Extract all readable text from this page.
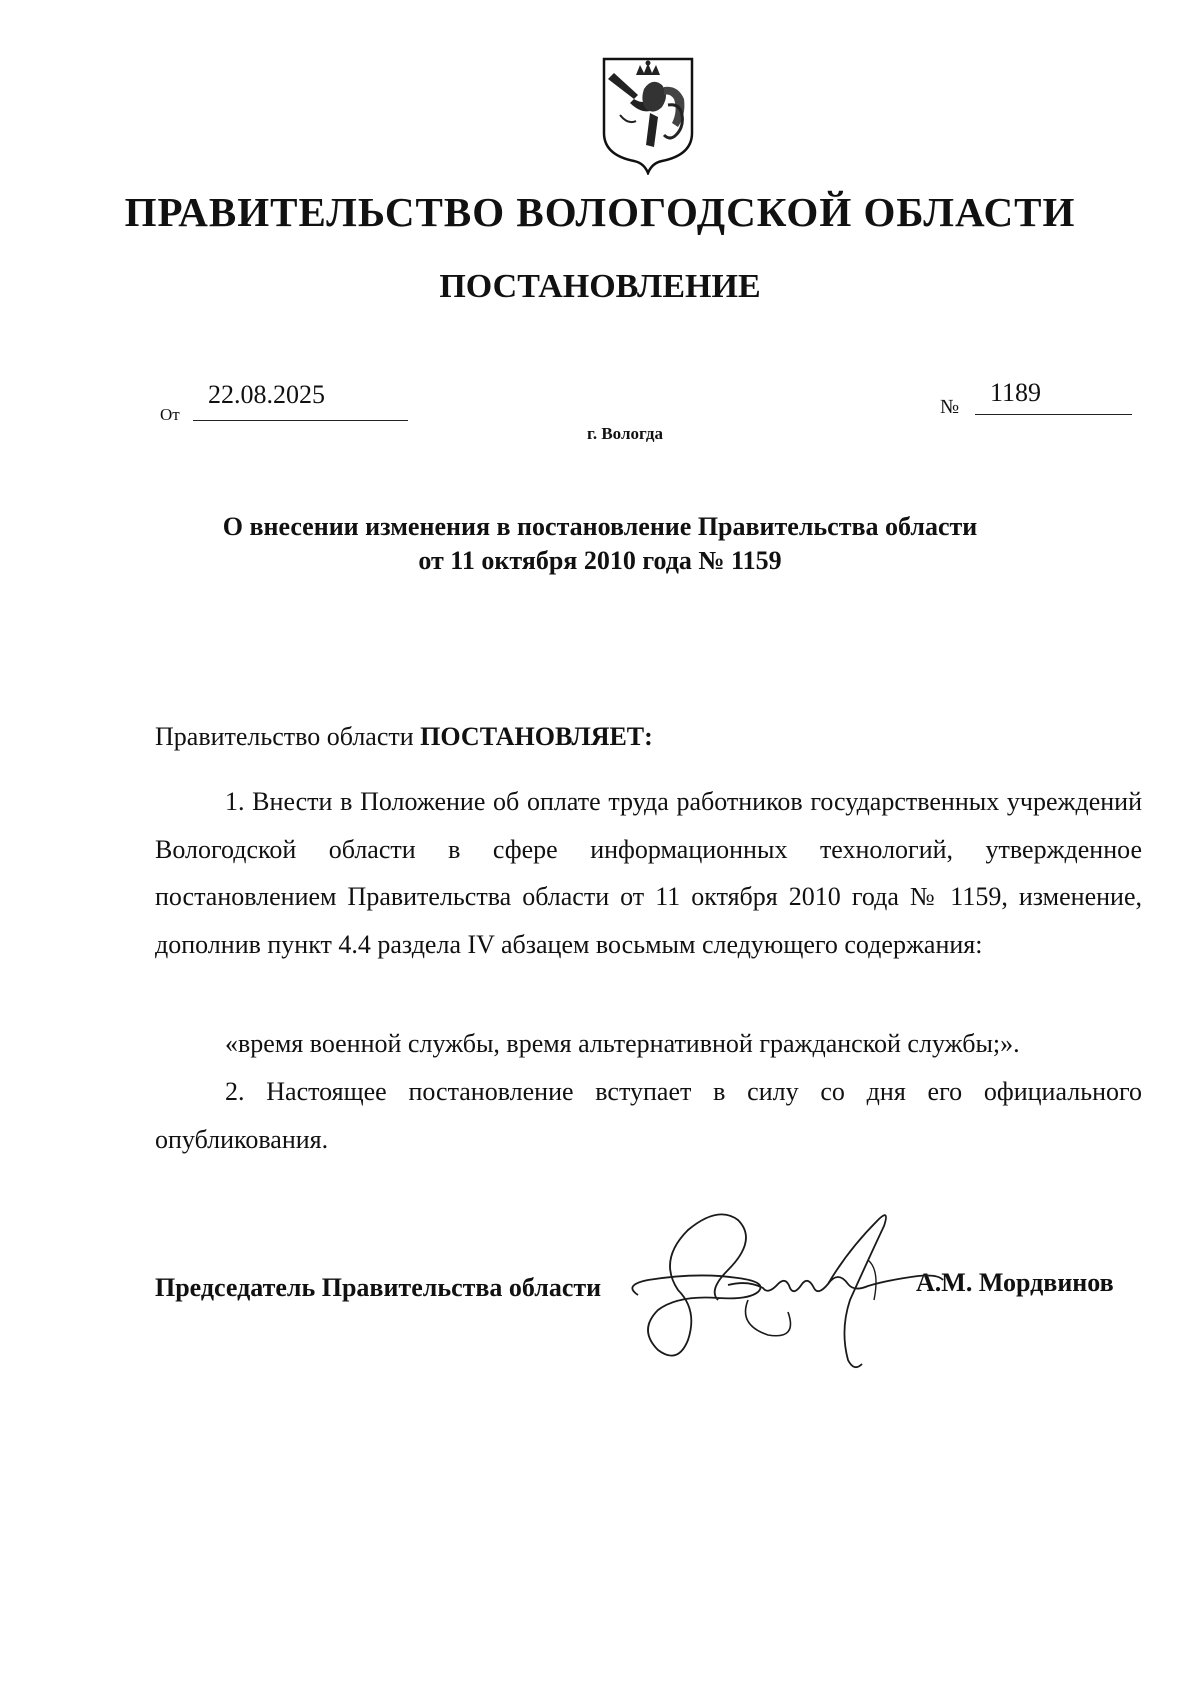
ПРАВИТЕЛЬСТВО ВОЛОГОДСКОЙ ОБЛАСТИ
ПОСТАНОВЛЕНИЕ
От
22.08.2025	№ 1189
г. Вологда
О внесении изменения в постановление Правительства области
от 11 октября 2010 года № 1159
Правительство области ПОСТАНОВЛЯЕТ:
1. Внести в Положение об оплате труда работников государственных учреждений Вологодской области в сфере информационных технологий, утвержденное постановлением Правительства области от 11 октября 2010 года № 1159, изменение, дополнив пункт 4.4 раздела IV абзацем восьмым следующего содержания:
«время военной службы, время альтернативной гражданской службы;».
2. Настоящее постановление вступает в силу со дня его официального опубликования.
Председатель Правительства области	А.М. Мордвинов
